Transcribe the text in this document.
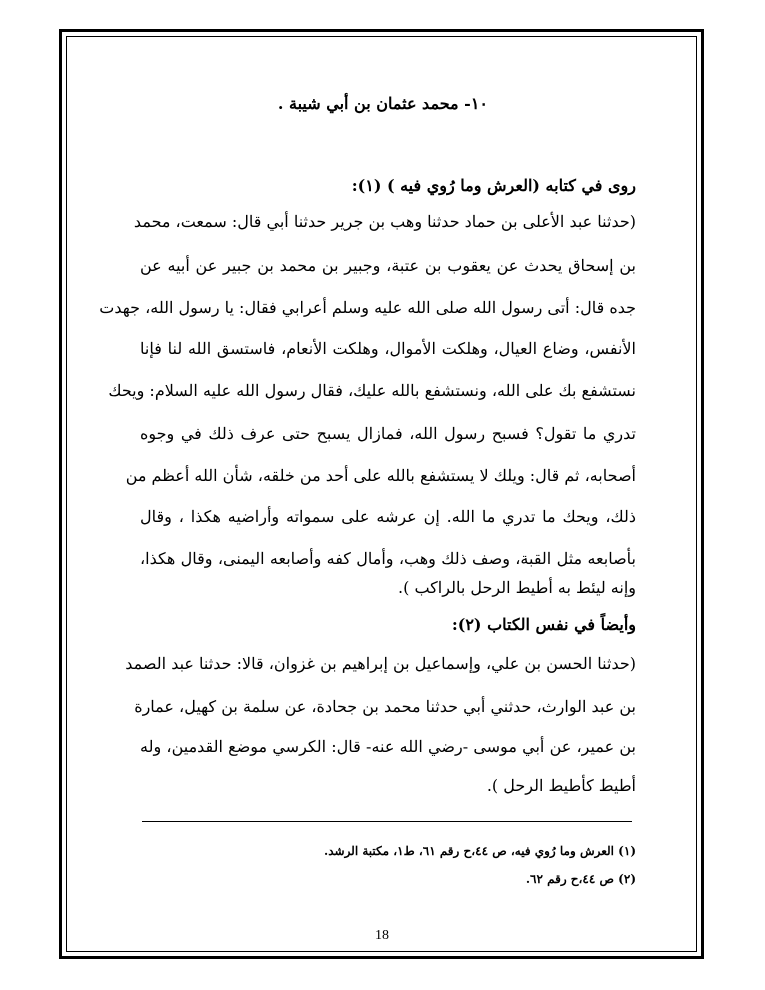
١٠- محمد عثمان بن أبي شيبة .
روى في كتابه (العرش وما رُوي فيه ) (١):
(حدثنا عبد الأعلى بن حماد حدثنا وهب بن جرير حدثنا أبي قال: سمعت، محمد
بن إسحاق يحدث عن يعقوب بن عتبة، وجبير بن محمد بن جبير عن أبيه عن
جده قال: أتى رسول الله صلى الله عليه وسلم أعرابي فقال: يا رسول الله، جهدت
الأنفس، وضاع العيال، وهلكت الأموال، وهلكت الأنعام، فاستسق الله لنا فإنا
نستشفع بك على الله، ونستشفع بالله عليك، فقال رسول الله عليه السلام: ويحك
تدري ما تقول؟ فسبح رسول الله، فمازال يسبح حتى عرف ذلك في وجوه
أصحابه، ثم قال: ويلك لا يستشفع بالله على أحد من خلقه، شأن الله أعظم من
ذلك، ويحك ما تدري ما الله. إن عرشه على سمواته وأراضيه هكذا ، وقال
بأصابعه مثل القبة، وصف ذلك وهب، وأمال كفه وأصابعه اليمنى، وقال هكذا،
وإنه ليئط به أطيط الرحل بالراكب ).
وأيضاً في نفس الكتاب (٢):
(حدثنا الحسن بن علي، وإسماعيل بن إبراهيم بن غزوان، قالا: حدثنا عبد الصمد
بن عبد الوارث، حدثني أبي حدثنا محمد بن جحادة، عن سلمة بن كهيل، عمارة
بن عمير، عن أبي موسى -رضي الله عنه- قال: الكرسي موضع القدمين، وله
أطيط كأطيط الرحل ).
(١) العرش وما رُوي فيه، ص ٤٤،ح رقم ٦١، ط١، مكتبة الرشد.
(٢) ص ٤٤،ح رقم ٦٢.
18
